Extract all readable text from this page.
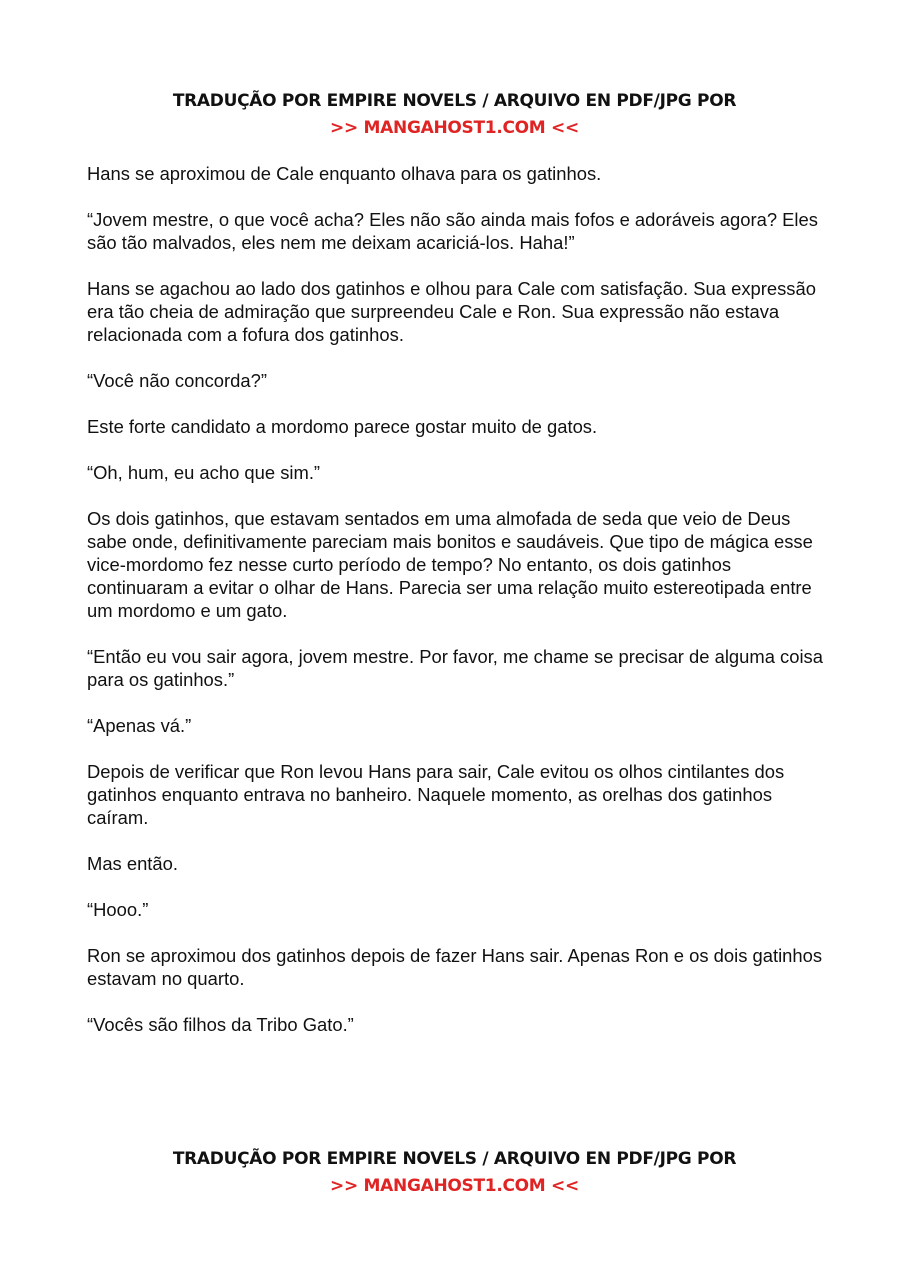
TRADUÇÃO POR EMPIRE NOVELS / ARQUIVO EN PDF/JPG POR
>> MANGAHOST1.COM <<

Hans se aproximou de Cale enquanto olhava para os gatinhos.

“Jovem mestre, o que você acha? Eles não são ainda mais fofos e adoráveis agora? Eles são tão malvados, eles nem me deixam acariciá-los. Haha!”

Hans se agachou ao lado dos gatinhos e olhou para Cale com satisfação. Sua expressão era tão cheia de admiração que surpreendeu Cale e Ron. Sua expressão não estava relacionada com a fofura dos gatinhos.

“Você não concorda?”

Este forte candidato a mordomo parece gostar muito de gatos.

“Oh, hum, eu acho que sim.”

Os dois gatinhos, que estavam sentados em uma almofada de seda que veio de Deus sabe onde, definitivamente pareciam mais bonitos e saudáveis. Que tipo de mágica esse vice-mordomo fez nesse curto período de tempo? No entanto, os dois gatinhos continuaram a evitar o olhar de Hans. Parecia ser uma relação muito estereotipada entre um mordomo e um gato.

“Então eu vou sair agora, jovem mestre. Por favor, me chame se precisar de alguma coisa para os gatinhos.”

“Apenas vá.”

Depois de verificar que Ron levou Hans para sair, Cale evitou os olhos cintilantes dos gatinhos enquanto entrava no banheiro. Naquele momento, as orelhas dos gatinhos caíram.

Mas então.

“Hooo.”

Ron se aproximou dos gatinhos depois de fazer Hans sair. Apenas Ron e os dois gatinhos estavam no quarto.

“Vocês são filhos da Tribo Gato.”

TRADUÇÃO POR EMPIRE NOVELS / ARQUIVO EN PDF/JPG POR
>> MANGAHOST1.COM <<
